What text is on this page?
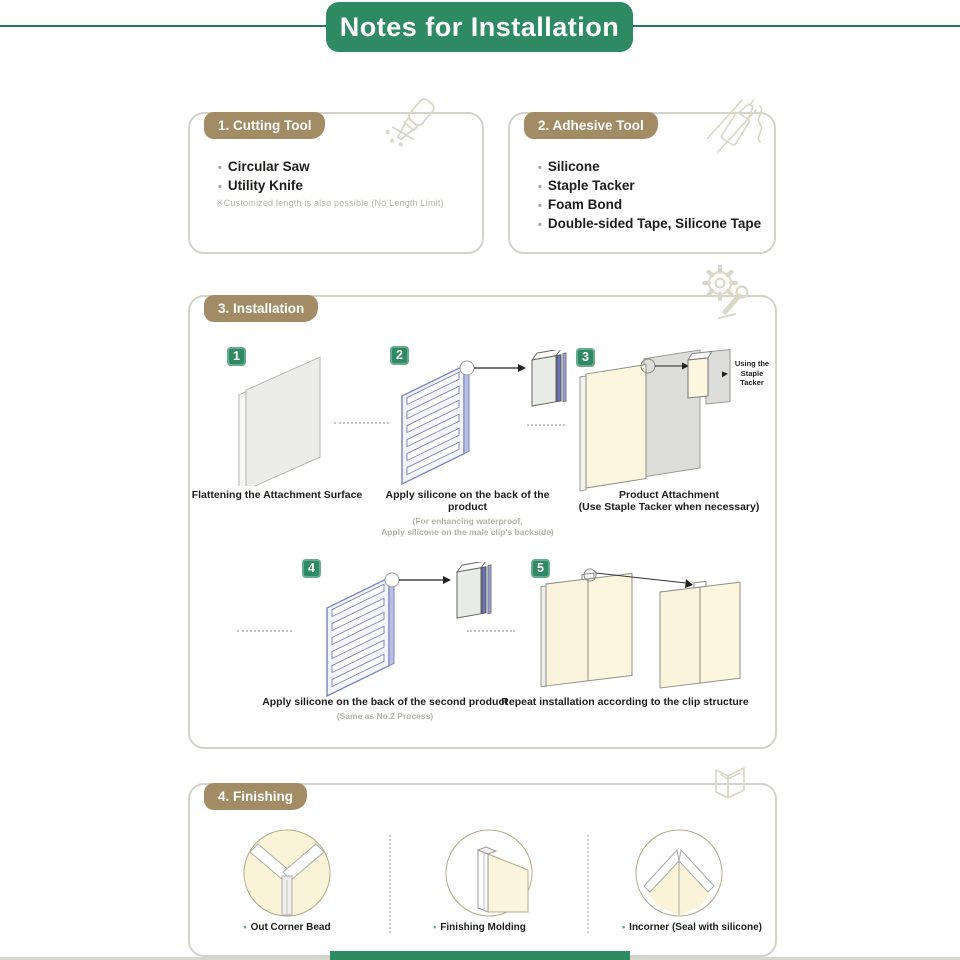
Notes for Installation
1. Cutting Tool
• Circular Saw
• Utility Knife
※Customized length is also possible (No Length Limit)
2. Adhesive Tool
• Silicone
• Staple Tacker
• Foam Bond
• Double-sided Tape, Silicone Tape
3. Installation
1	2	3	Using the
Staple Tacker
Flattening the Attachment Surface	Apply silicone on the back of the product
(For enhancing waterproof,
Apply silicone on the male clip's backside)
Product Attachment
(Use Staple Tacker when necessary)
4	5
Apply silicone on the back of the second product
(Same as No.2 Process)
Repeat installation according to the clip structure
4. Finishing
• Out Corner Bead	• Finishing Molding	• Incorner (Seal with silicone)
